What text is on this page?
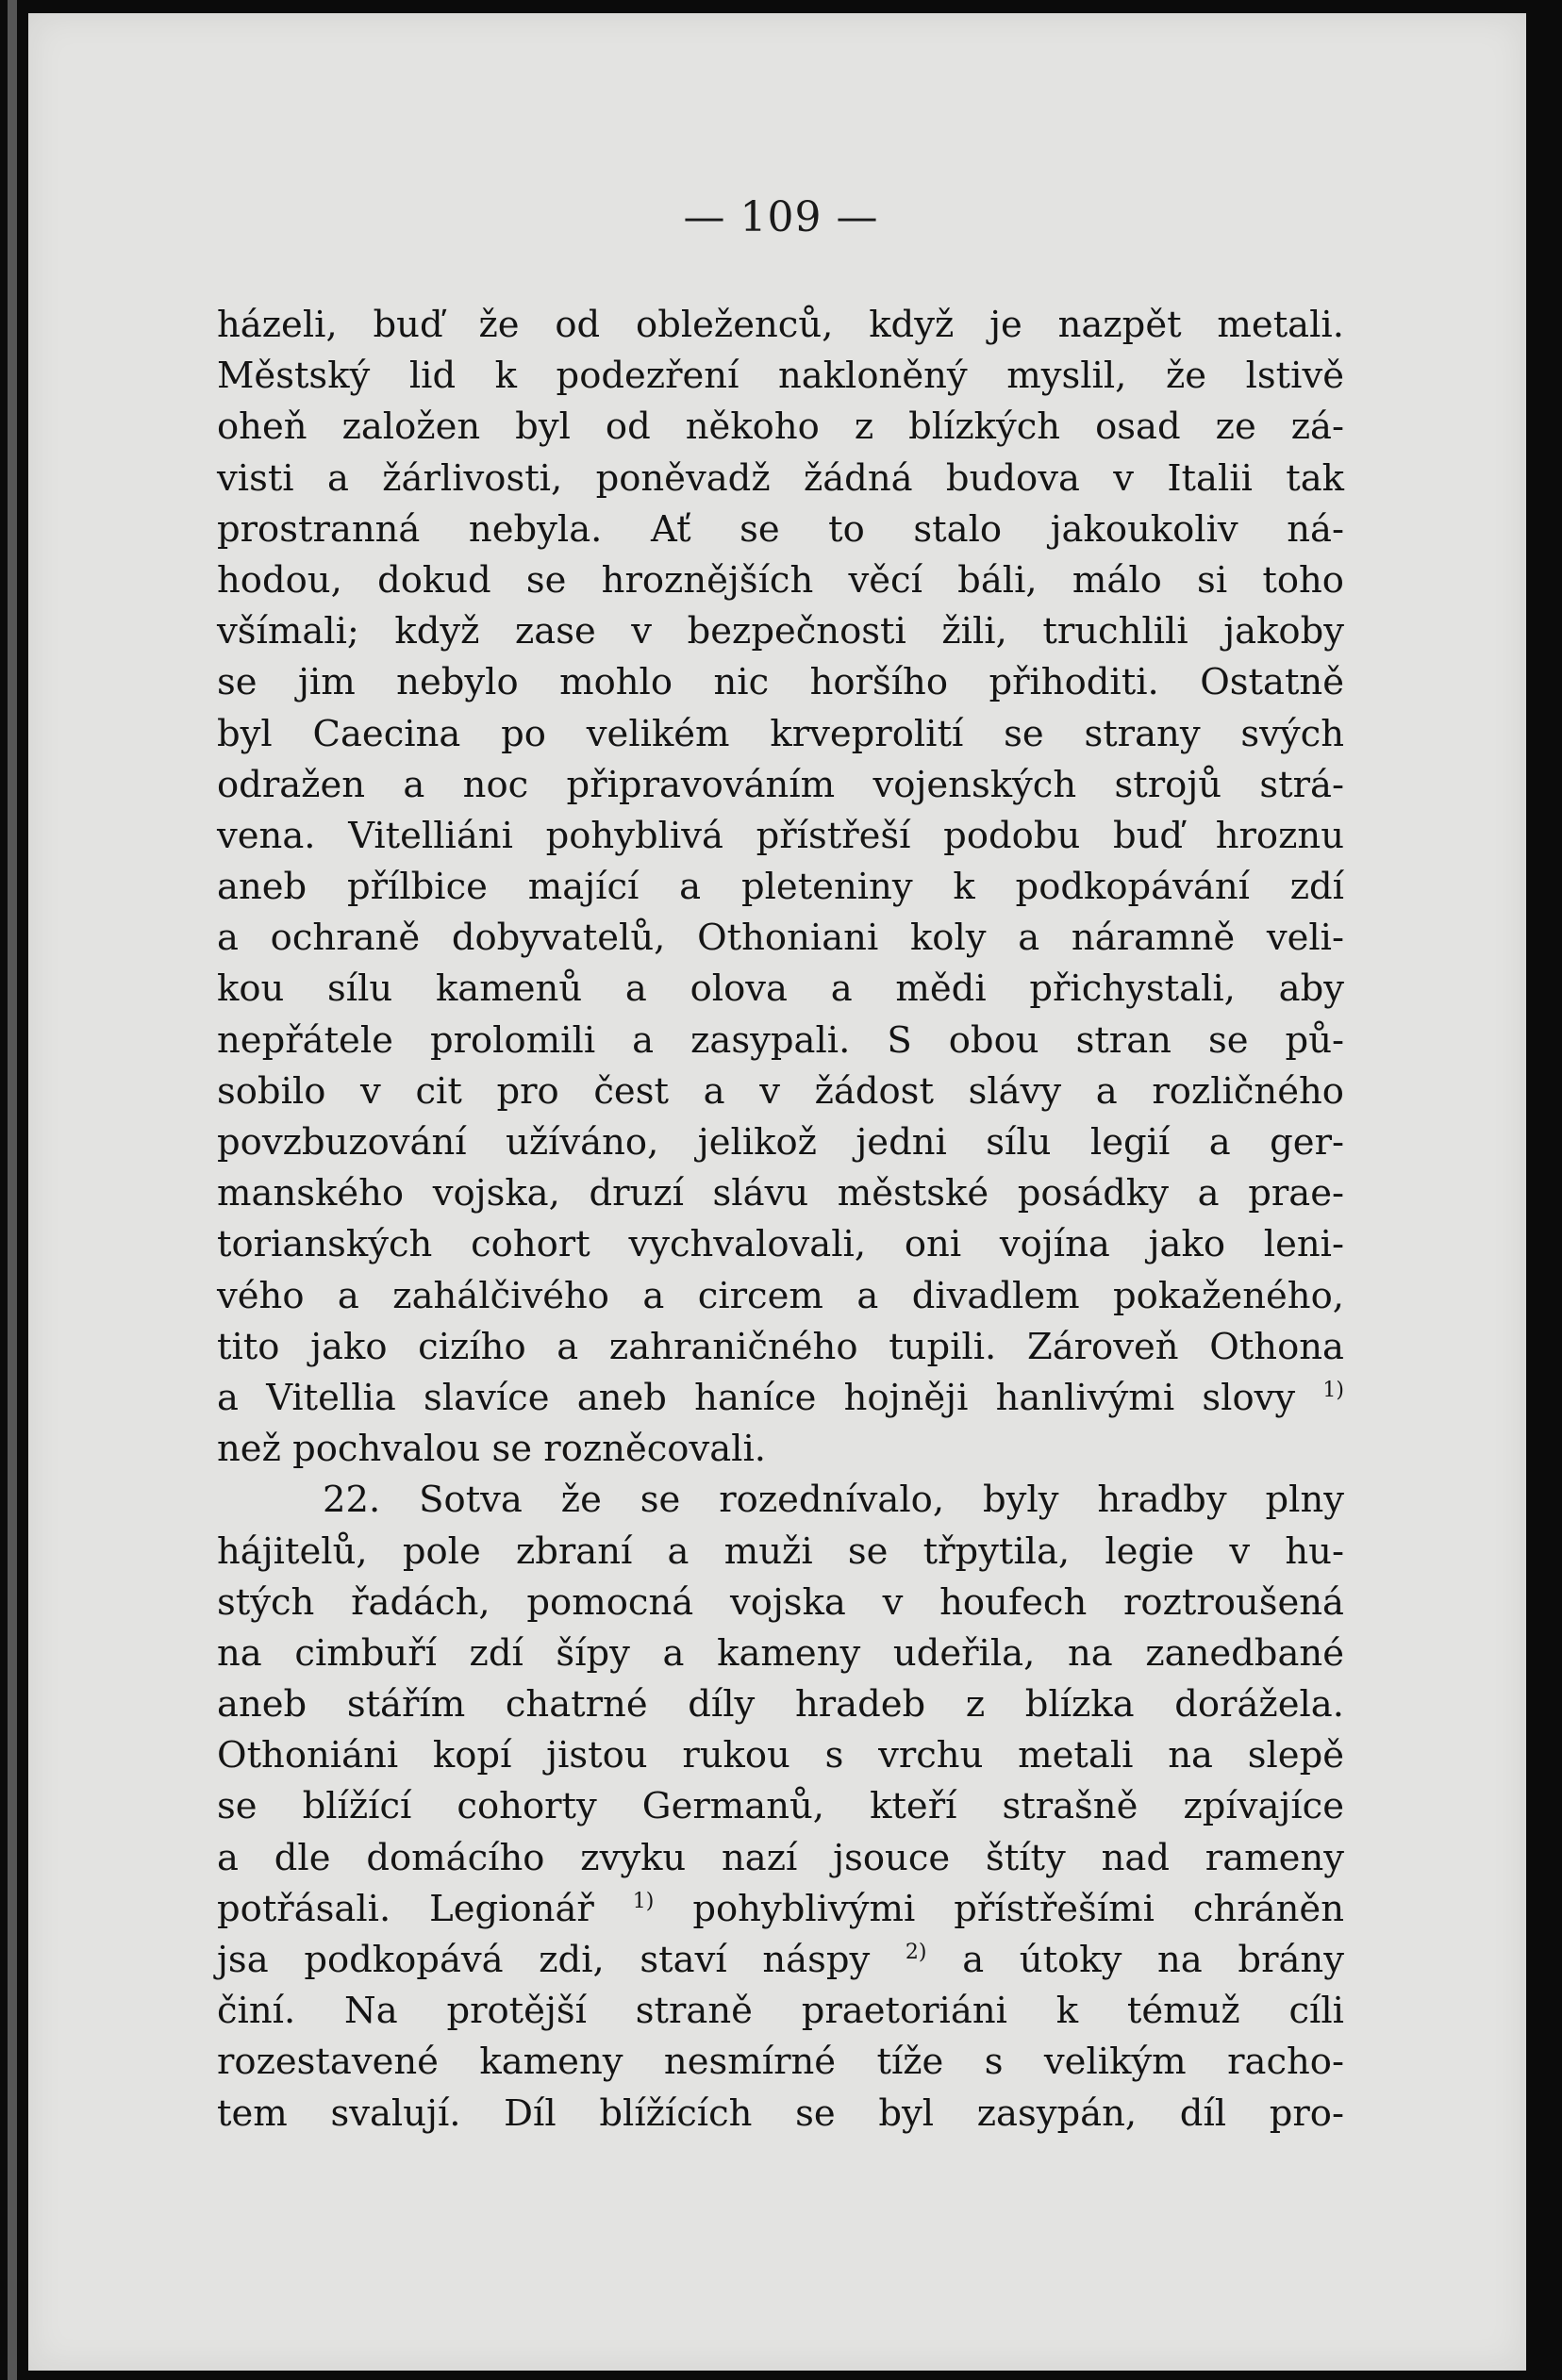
— 109 —
házeli, buď že od obleženců, když je nazpět metali.
Městský lid k podezření nakloněný myslil, že lstivě
oheň založen byl od někoho z blízkých osad ze zá-
visti a žárlivosti, poněvadž žádná budova v Italii tak
prostranná nebyla. Ať se to stalo jakoukoliv ná-
hodou, dokud se hroznějších věcí báli, málo si toho
všímali; když zase v bezpečnosti žili, truchlili jakoby
se jim nebylo mohlo nic horšího přihoditi. Ostatně
byl Caecina po velikém krveprolití se strany svých
odražen a noc připravováním vojenských strojů strá-
vena. Vitelliáni pohyblivá přístřeší podobu buď hroznu
aneb přílbice mající a pleteniny k podkopávání zdí
a ochraně dobyvatelů, Othoniani koly a náramně veli-
kou sílu kamenů a olova a mědi přichystali, aby
nepřátele prolomili a zasypali. S obou stran se pů-
sobilo v cit pro čest a v žádost slávy a rozličného
povzbuzování užíváno, jelikož jedni sílu legií a ger-
manského vojska, druzí slávu městské posádky a prae-
torianských cohort vychvalovali, oni vojína jako leni-
vého a zahálčivého a circem a divadlem pokaženého,
tito jako cizího a zahraničného tupili. Zároveň Othona
a Vitellia slavíce aneb haníce hojněji hanlivými slovy $^{1)}$
než pochvalou se rozněcovali.
22. Sotva že se rozednívalo, byly hradby plny
hájitelů, pole zbraní a muži se třpytila, legie v hu-
stých řadách, pomocná vojska v houfech roztroušená
na cimbuří zdí šípy a kameny udeřila, na zanedbané
aneb stářím chatrné díly hradeb z blízka dorážela.
Othoniáni kopí jistou rukou s vrchu metali na slepě
se blížící cohorty Germanů, kteří strašně zpívajíce
a dle domácího zvyku nazí jsouce štíty nad rameny
potřásali. Legionář $^{1)}$ pohyblivými přístřešími chráněn
jsa podkopává zdi, staví náspy $^{2)}$ a útoky na brány
činí. Na protější straně praetoriáni k témuž cíli
rozestavené kameny nesmírné tíže s velikým racho-
tem svalují. Díl blížících se byl zasypán, díl pro-
